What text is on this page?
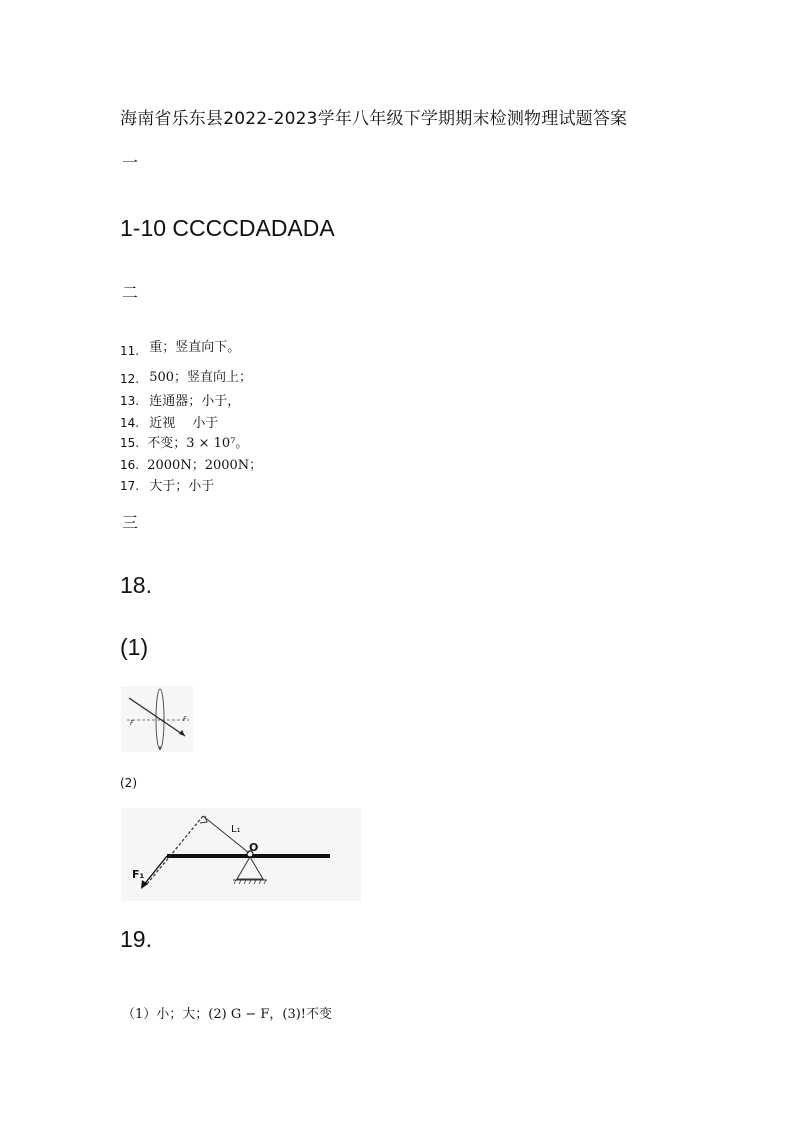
海南省乐东县2022-2023学年八年级下学期期末检测物理试题答案
一
1-10 CCCCDADADA
二
11. 重；竖直向下。
12. 500；竖直向上；
13. 连通器；小于，
14. 近视　 小于
15. 不变；3 × 10⁷。
16. 2000N；2000N；
17. 大于；小于
三
18.
(1)
F
F
(2)
L₁
O
F₁
19.
（1）小；大；(2) G − F，(3)!不变
